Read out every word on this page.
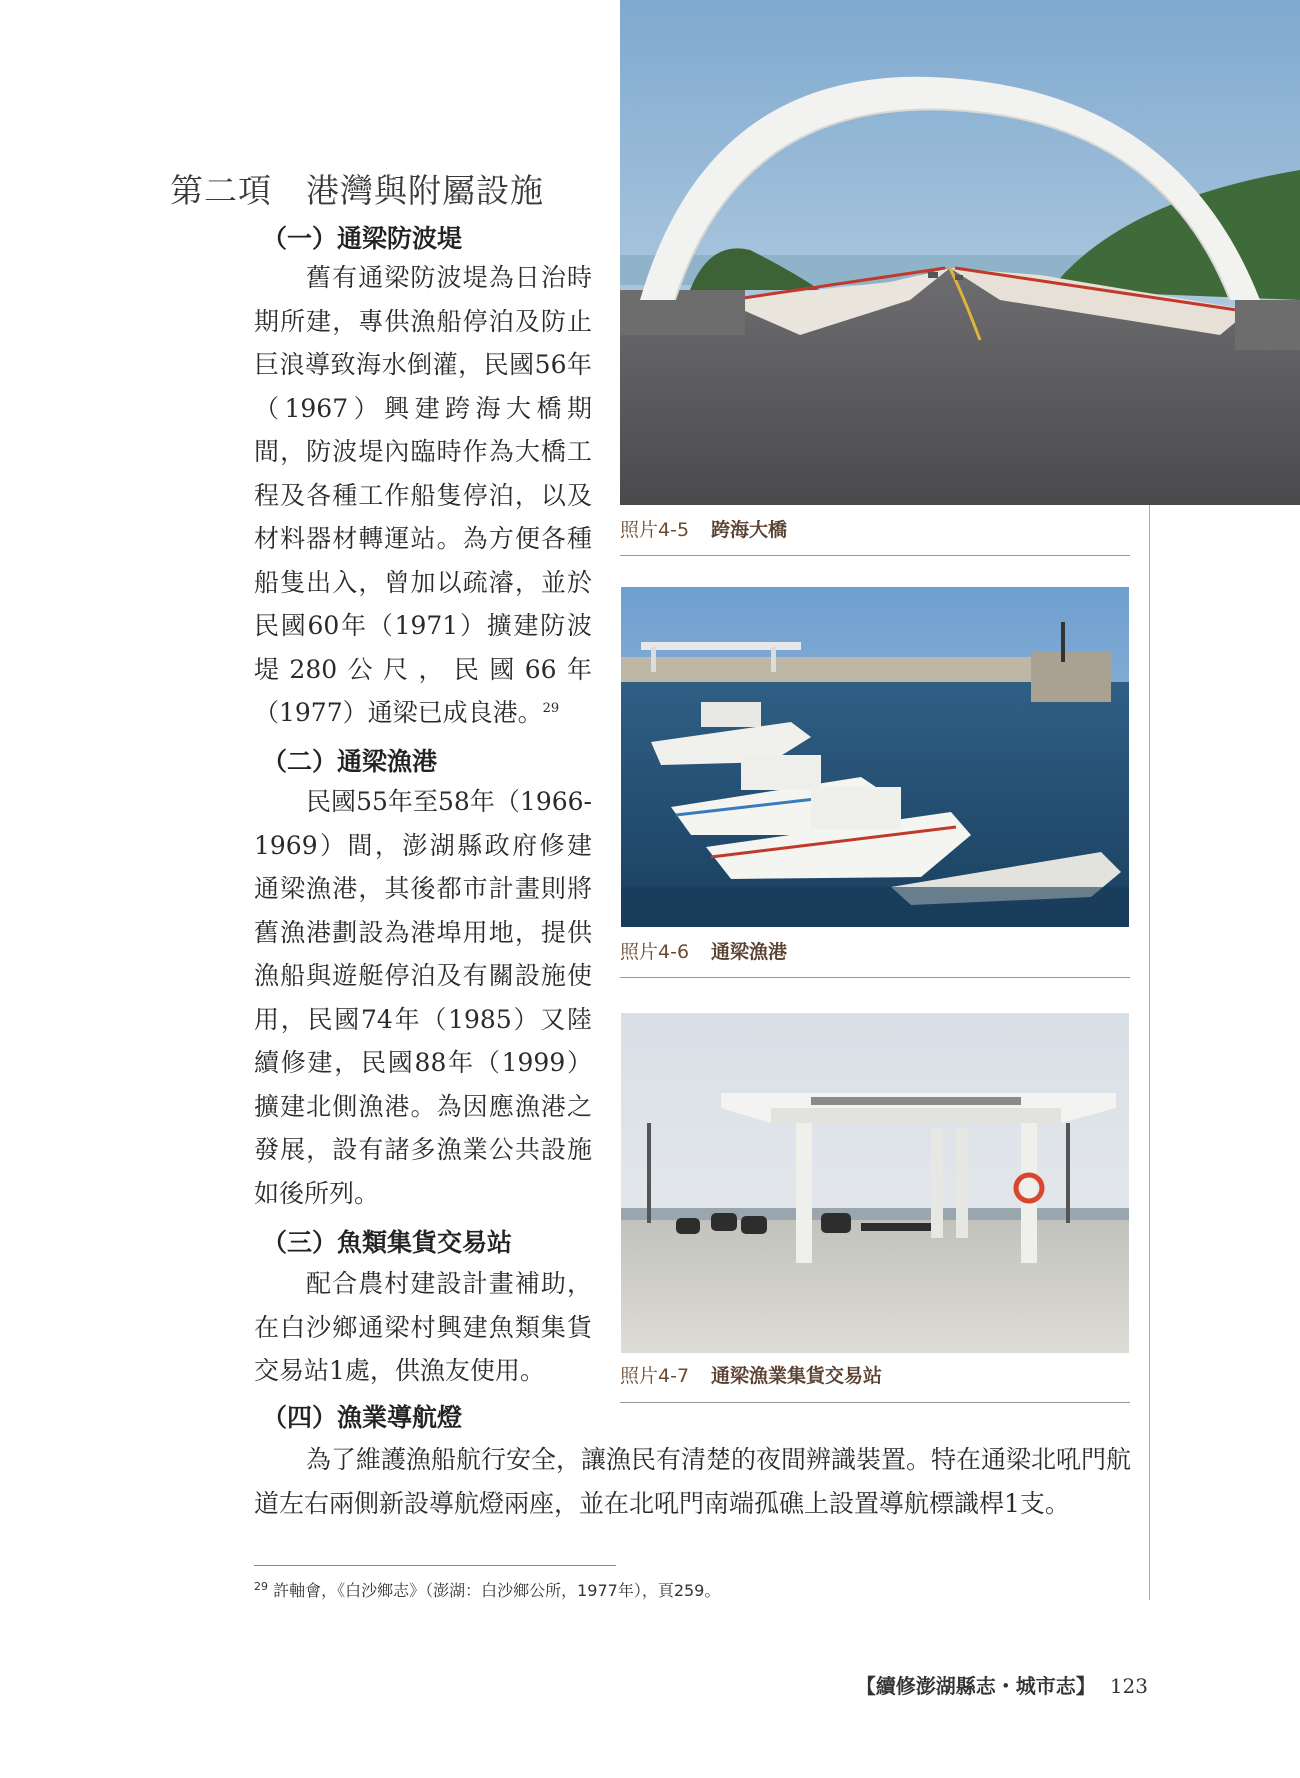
第二項 港灣與附屬設施
（一）通梁防波堤

舊有通梁防波堤為日治時期所建，專供漁船停泊及防止巨浪導致海水倒灌，民國56年（1967）興建跨海大橋期間，防波堤內臨時作為大橋工程及各種工作船隻停泊，以及材料器材轉運站。為方便各種船隻出入，曾加以疏濬，並於民國60年（1971）擴建防波堤280公尺，民國66年（1977）通梁已成良港。$^{29}$

（二）通梁漁港

民國55年至58年（1966-1969）間，澎湖縣政府修建通梁漁港，其後都市計畫則將舊漁港劃設為港埠用地，提供漁船與遊艇停泊及有關設施使用，民國74年（1985）又陸續修建，民國88年（1999）擴建北側漁港。為因應漁港之發展，設有諸多漁業公共設施如後所列。

（三）魚類集貨交易站

配合農村建設計畫補助，在白沙鄉通梁村興建魚類集貨交易站1處，供漁友使用。

（四）漁業導航燈

為了維護漁船航行安全，讓漁民有清楚的夜間辨識裝置。特在通梁北吼門航道左右兩側新設導航燈兩座，並在北吼門南端孤礁上設置導航標識桿1支。

照片4-5 跨海大橋
照片4-6 通梁漁港
照片4-7 通梁漁業集貨交易站
$^{29}$ 許軸會，《白沙鄉志》（澎湖：白沙鄉公所，1977年），頁259。
【續修澎湖縣志・城市志】 123
